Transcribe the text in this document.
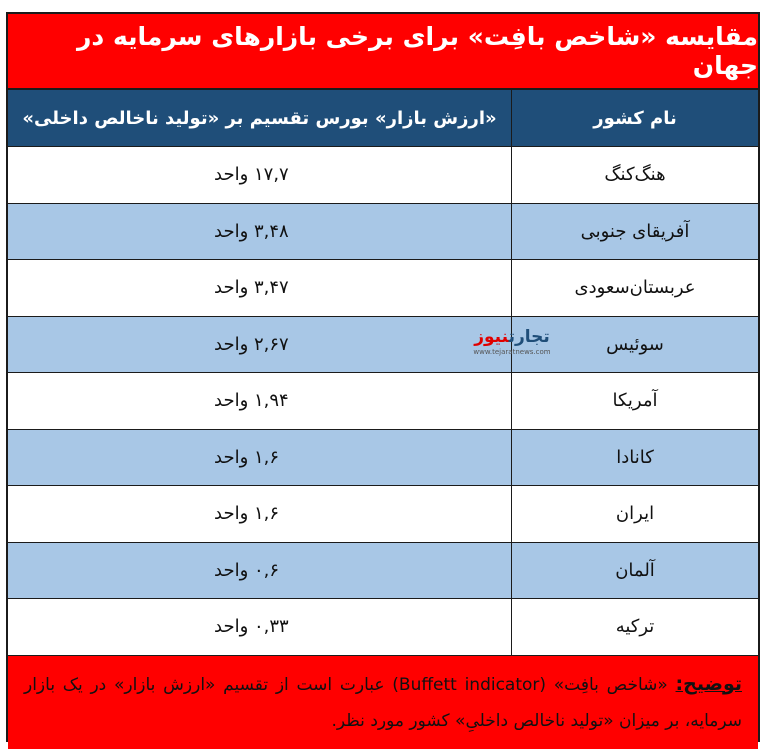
مقایسه «شاخص بافِت» برای برخی بازارهای سرمایه در جهان
نام کشور
«ارزش بازار» بورس تقسیم بر «تولید ناخالص داخلی»
هنگ‌کنگ
۱۷,۷ واحد
آفریقای جنوبی
۳,۴۸ واحد
عربستان‌سعودی
۳,۴۷ واحد
سوئیس
۲,۶۷ واحد
آمریکا
۱,۹۴ واحد
کانادا
۱,۶ واحد
ایران
۱,۶ واحد
آلمان
۰,۶ واحد
ترکیه
۰,۳۳ واحد
توضیح: «شاخص بافِت» (Buffett indicator) عبارت است از تقسیم «ارزش بازار» در یک بازار سرمایه، بر میزان «تولید ناخالص داخلیِ» کشور مورد نظر.
تجارتنیوز
www.tejaratnews.com
